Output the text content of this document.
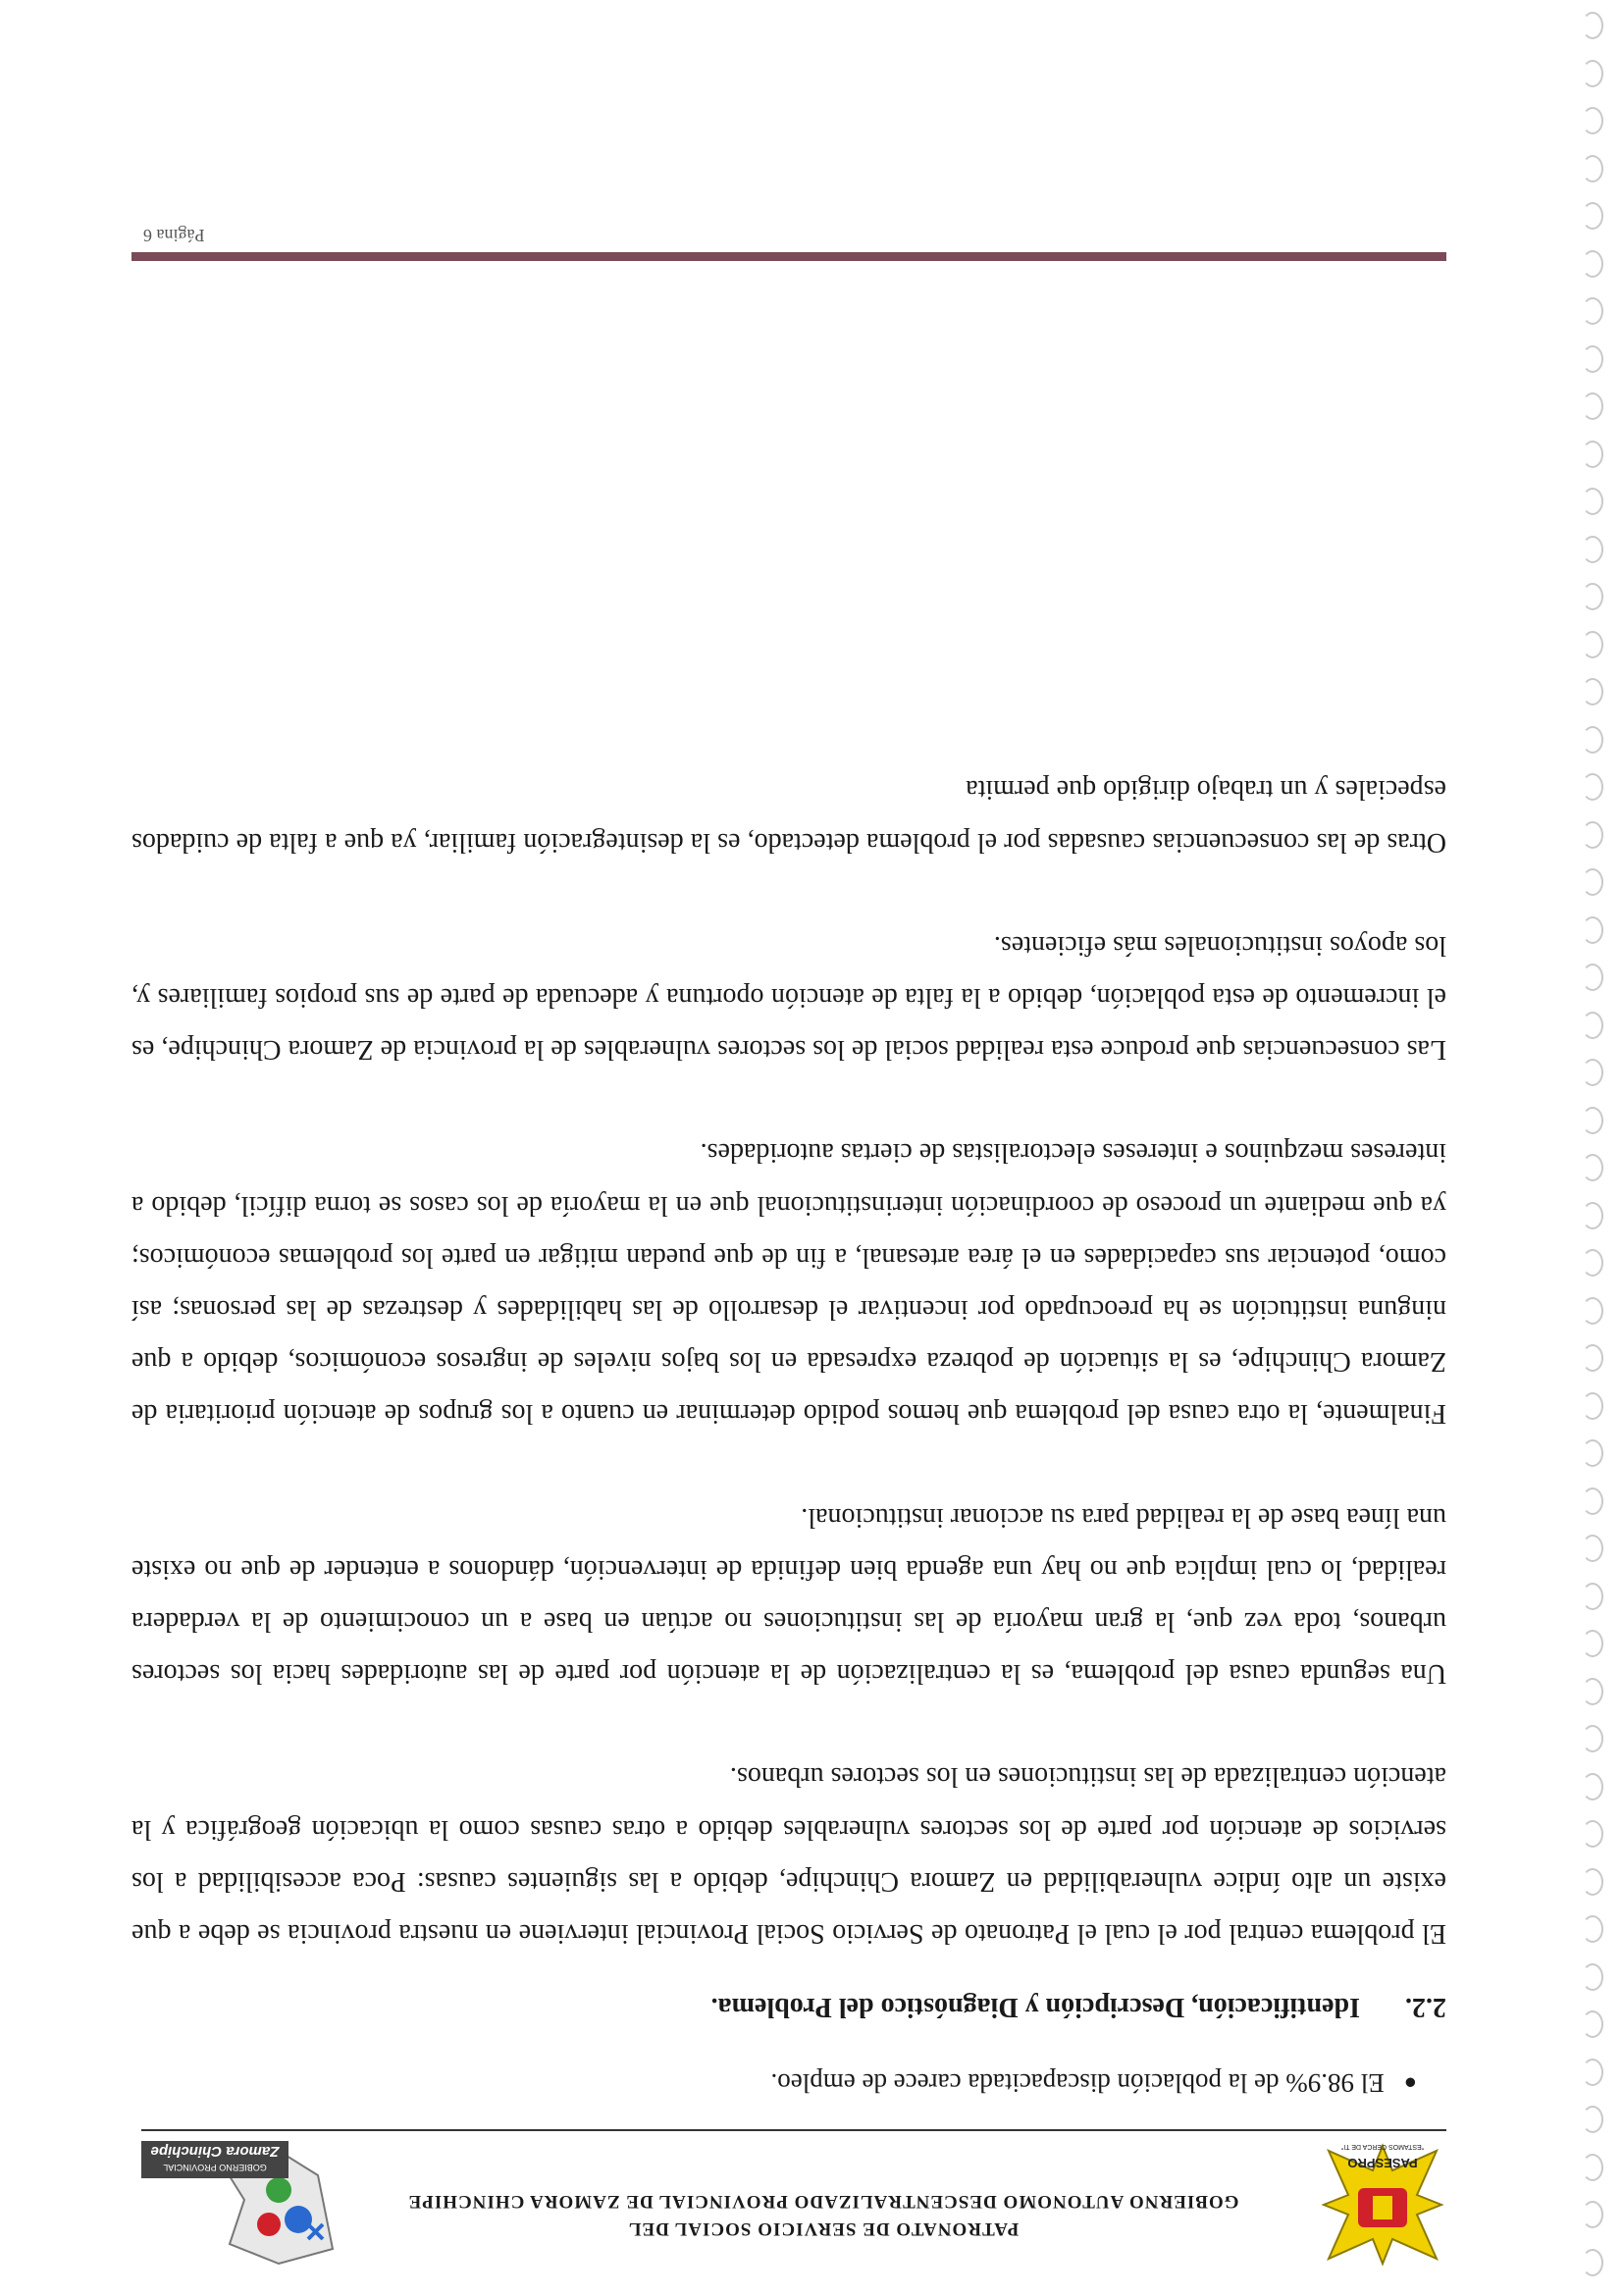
PASESPRO
"ESTAMOS CERCA DE TI"

PATRONATO DE SERVICIO SOCIAL DEL

GOBIERNO AUTONOMO DESCENTRALIZADO PROVINCIAL DE ZAMORA CHINCHIPE

GOBIERNO PROVINCIAL
Zamora Chinchipe
●
El 98.9% de la población discapacitada carece de empleo.
2.2.
Identificación, Descripción y Diagnóstico del Problema.

El problema central por el cual el Patronato de Servicio Social Provincial interviene en nuestra provincia se debe a que existe un alto índice vulnerabilidad en Zamora Chinchipe, debido a las siguientes causas: Poca accesibilidad a los servicios de atención por parte de los sectores vulnerables debido a otras causas como la ubicación geográfica y la atención centralizada de las instituciones en los sectores urbanos.

Una segunda causa del problema, es la centralización de la atención por parte de las autoridades hacia los sectores urbanos, toda vez que, la gran mayoría de las instituciones no actúan en base a un conocimiento de la verdadera realidad, lo cual implica que no hay una agenda bien definida de intervención, dándonos a entender de que no existe una línea base de la realidad para su accionar institucional.

Finalmente, la otra causa del problema que hemos podido determinar en cuanto a los grupos de atención prioritaria de Zamora Chinchipe, es la situación de pobreza expresada en los bajos niveles de ingresos económicos, debido a que ninguna institución se ha preocupado por incentivar el desarrollo de las habilidades y destrezas de las personas; así como, potenciar sus capacidades en el área artesanal, a fin de que puedan mitigar en parte los problemas económicos; ya que mediante un proceso de coordinación interinstitucional que en la mayoría de los casos se torna difícil, debido a intereses mezquinos e intereses electoralistas de ciertas autoridades.

Las consecuencias que produce esta realidad social de los sectores vulnerables de la provincia de Zamora Chinchipe, es el incremento de esta población, debido a la falta de atención oportuna y adecuada de parte de sus propios familiares y, los apoyos institucionales más eficientes.

Otras de las consecuencias causadas por el problema detectado, es la desintegración familiar, ya que a falta de cuidados especiales y un trabajo dirigido que permita

Página 6
